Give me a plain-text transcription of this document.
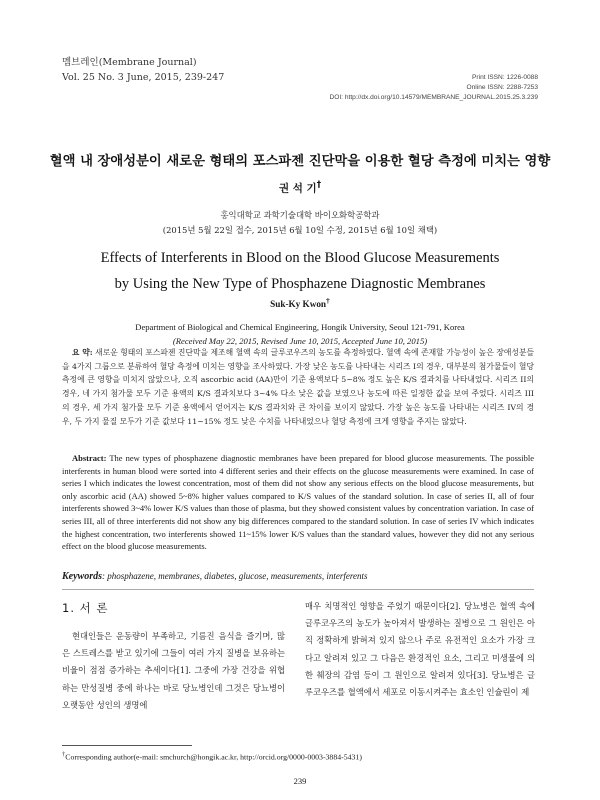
멤브레인(Membrane Journal)
Vol. 25 No. 3 June, 2015, 239-247	Print ISSN: 1226-0088
Online ISSN: 2288-7253
DOI: http://dx.doi.org/10.14579/MEMBRANE_JOURNAL.2015.25.3.239
혈액 내 장애성분이 새로운 형태의 포스파젠 진단막을 이용한 혈당 측정에 미치는 영향
권 석 기†
홍익대학교 과학기술대학 바이오화학공학과
(2015년 5월 22일 접수, 2015년 6월 10일 수정, 2015년 6월 10일 채택)
Effects of Interferents in Blood on the Blood Glucose Measurements
by Using the New Type of Phosphazene Diagnostic Membranes
Suk-Ky Kwon†
Department of Biological and Chemical Engineering, Hongik University, Seoul 121-791, Korea
(Received May 22, 2015, Revised June 10, 2015, Accepted June 10, 2015)
요 약: 새로운 형태의 포스파젠 진단막을 제조해 혈액 속의 글루코우즈의 농도를 측정하였다. 혈액 속에 존재할 가능성이 높은 장애성분들을 4가지 그룹으로 분류하여 혈당 측정에 미치는 영향을 조사하였다. 가장 낮은 농도를 나타내는 시리즈 I의 경우, 대부분의 첨가물들이 혈당 측정에 큰 영향을 미치지 않았으나, 오직 ascorbic acid (AA)만이 기준 용액보다 5~8% 정도 높은 K/S 결과치를 나타내었다. 시리즈 II의 경우, 네 가지 첨가물 모두 기준 용액의 K/S 결과치보다 3~4% 다소 낮은 값을 보였으나 농도에 따른 일정한 값을 보여 주었다. 시리즈 III의 경우, 세 가지 첨가물 모두 기준 용액에서 얻어지는 K/S 결과치와 큰 차이를 보이지 않았다. 가장 높은 농도를 나타내는 시리즈 IV의 경우, 두 가지 물질 모두가 기준 값보다 11~15% 정도 낮은 수치를 나타내었으나 혈당 측정에 크게 영향을 주지는 않았다.
Abstract: The new types of phosphazene diagnostic membranes have been prepared for blood glucose measurements. The possible interferents in human blood were sorted into 4 different series and their effects on the glucose measurements were examined. In case of series I which indicates the lowest concentration, most of them did not show any serious effects on the blood glucose measurements, but only ascorbic acid (AA) showed 5~8% higher values compared to K/S values of the standard solution. In case of series II, all of four interferents showed 3~4% lower K/S values than those of plasma, but they showed consistent values by concentration variation. In case of series III, all of three interferents did not show any big differences compared to the standard solution. In case of series IV which indicates the highest concentration, two interferents showed 11~15% lower K/S values than the standard values, however they did not any serious effect on the blood glucose measurements.
Keywords: phosphazene, membranes, diabetes, glucose, measurements, interferents
1. 서 론
현대인들은 운동량이 부족하고, 기름진 음식을 즐기며, 많은 스트레스를 받고 있기에 그들이 여러 가지 질병을 보유하는 비율이 점점 증가하는 추세이다[1]. 그중에 가장 건강을 위협하는 만성질병 중에 하나는 바로 당뇨병인데 그것은 당뇨병이 오랫동안 성인의 생명에
매우 치명적인 영향을 주었기 때문이다[2]. 당뇨병은 혈액 속에 글루코우즈의 농도가 높아져서 발생하는 질병으로 그 원인은 아직 정확하게 밝혀져 있지 않으나 주로 유전적인 요소가 가장 크다고 알려져 있고 그 다음은 환경적인 요소, 그리고 미생물에 의한 췌장의 감염 등이 그 원인으로 알려져 있다[3]. 당뇨병은 글루코우즈를 혈액에서 세포로 이동시켜주는 효소인 인슐린이 제
†Corresponding author(e-mail: smchurch@hongik.ac.kr, http://orcid.org/0000-0003-3884-5431)
239
